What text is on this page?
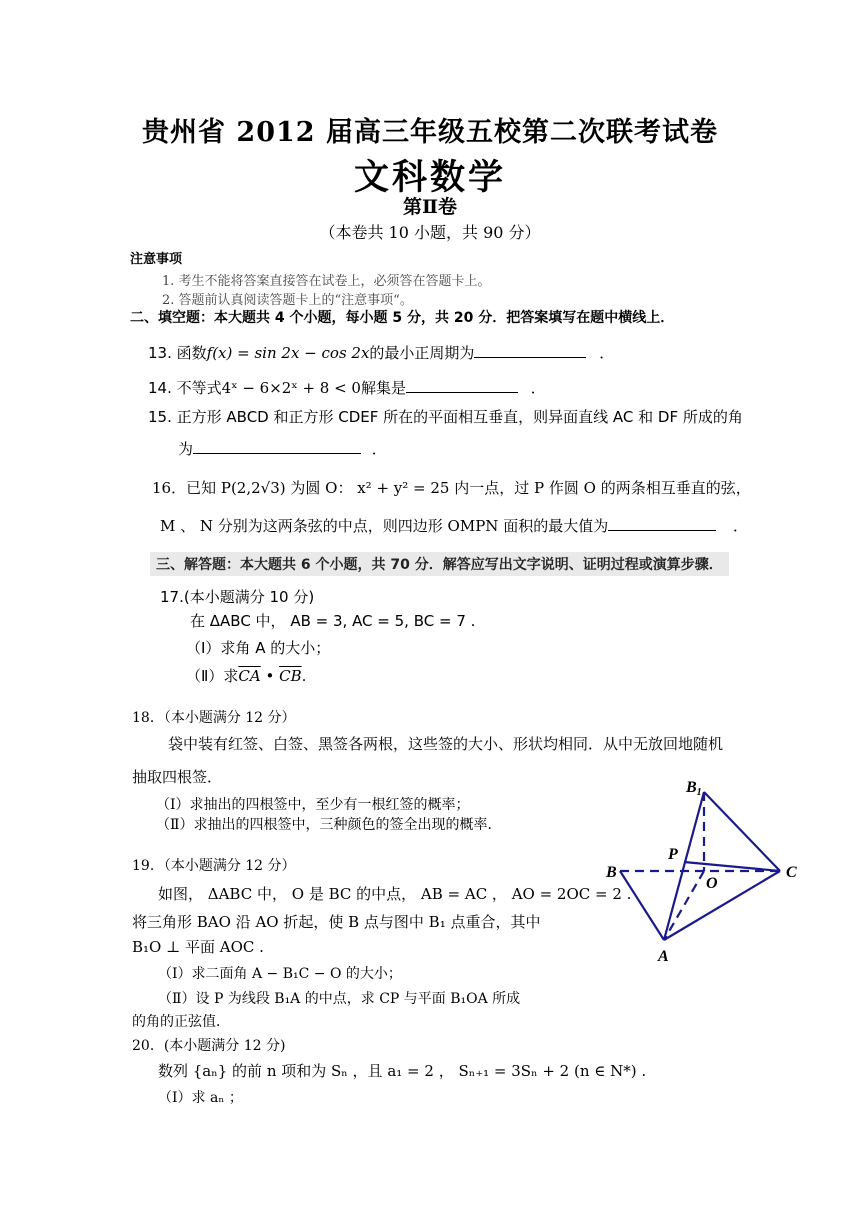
贵州省 2012 届高三年级五校第二次联考试卷
文科数学
第Ⅱ卷
（本卷共 10 小题，共 90 分）
注意事项
1. 考生不能将答案直接答在试卷上，必须答在答题卡上。
2. 答题前认真阅读答题卡上的“注意事项“。
二、填空题：本大题共 4 个小题，每小题 5 分，共 20 分．把答案填写在题中横线上．
13. 函数f(x) = sin 2x − cos 2x的最小正周期为	．
14. 不等式4ˣ − 6×2ˣ + 8 < 0解集是	．
15. 正方形 ABCD 和正方形 CDEF 所在的平面相互垂直，则异面直线 AC 和 DF 所成的角
为	．
16．已知 P(2,2√3) 为圆 O： x² + y² = 25 内一点，过 P 作圆 O 的两条相互垂直的弦，
M 、 N 分别为这两条弦的中点，则四边形 OMPN 面积的最大值为	．
三、解答题：本大题共 6 个小题，共 70 分．解答应写出文字说明、证明过程或演算步骤．
17.(本小题满分 10 分)
在 ΔABC 中， AB = 3, AC = 5, BC = 7 .
（Ⅰ）求角 A 的大小；
（Ⅱ）求$\overline{CA}$ • $\overline{CB}$.
18．（本小题满分 12 分）
袋中装有红签、白签、黑签各两根，这些签的大小、形状均相同．从中无放回地随机
抽取四根签．
（Ⅰ）求抽出的四根签中，至少有一根红签的概率；
（Ⅱ）求抽出的四根签中，三种颜色的签全出现的概率．
19．（本小题满分 12 分）
如图， ΔABC 中， O 是 BC 的中点， AB = AC ， AO = 2OC = 2 .
将三角形 BAO 沿 AO 折起，使 B 点与图中 B₁ 点重合，其中
B₁O ⊥ 平面 AOC .
（Ⅰ）求二面角 A − B₁C − O 的大小；
（Ⅱ）设 P 为线段 B₁A 的中点，求 CP 与平面 B₁OA 所成
的角的正弦值．
20．(本小题满分 12 分)
数列 {aₙ} 的前 n 项和为 Sₙ ，且 a₁ = 2 ， Sₙ₊₁ = 3Sₙ + 2 (n ∈ N*) .
（Ⅰ）求 aₙ ；
B1
P
B
O
C
A
